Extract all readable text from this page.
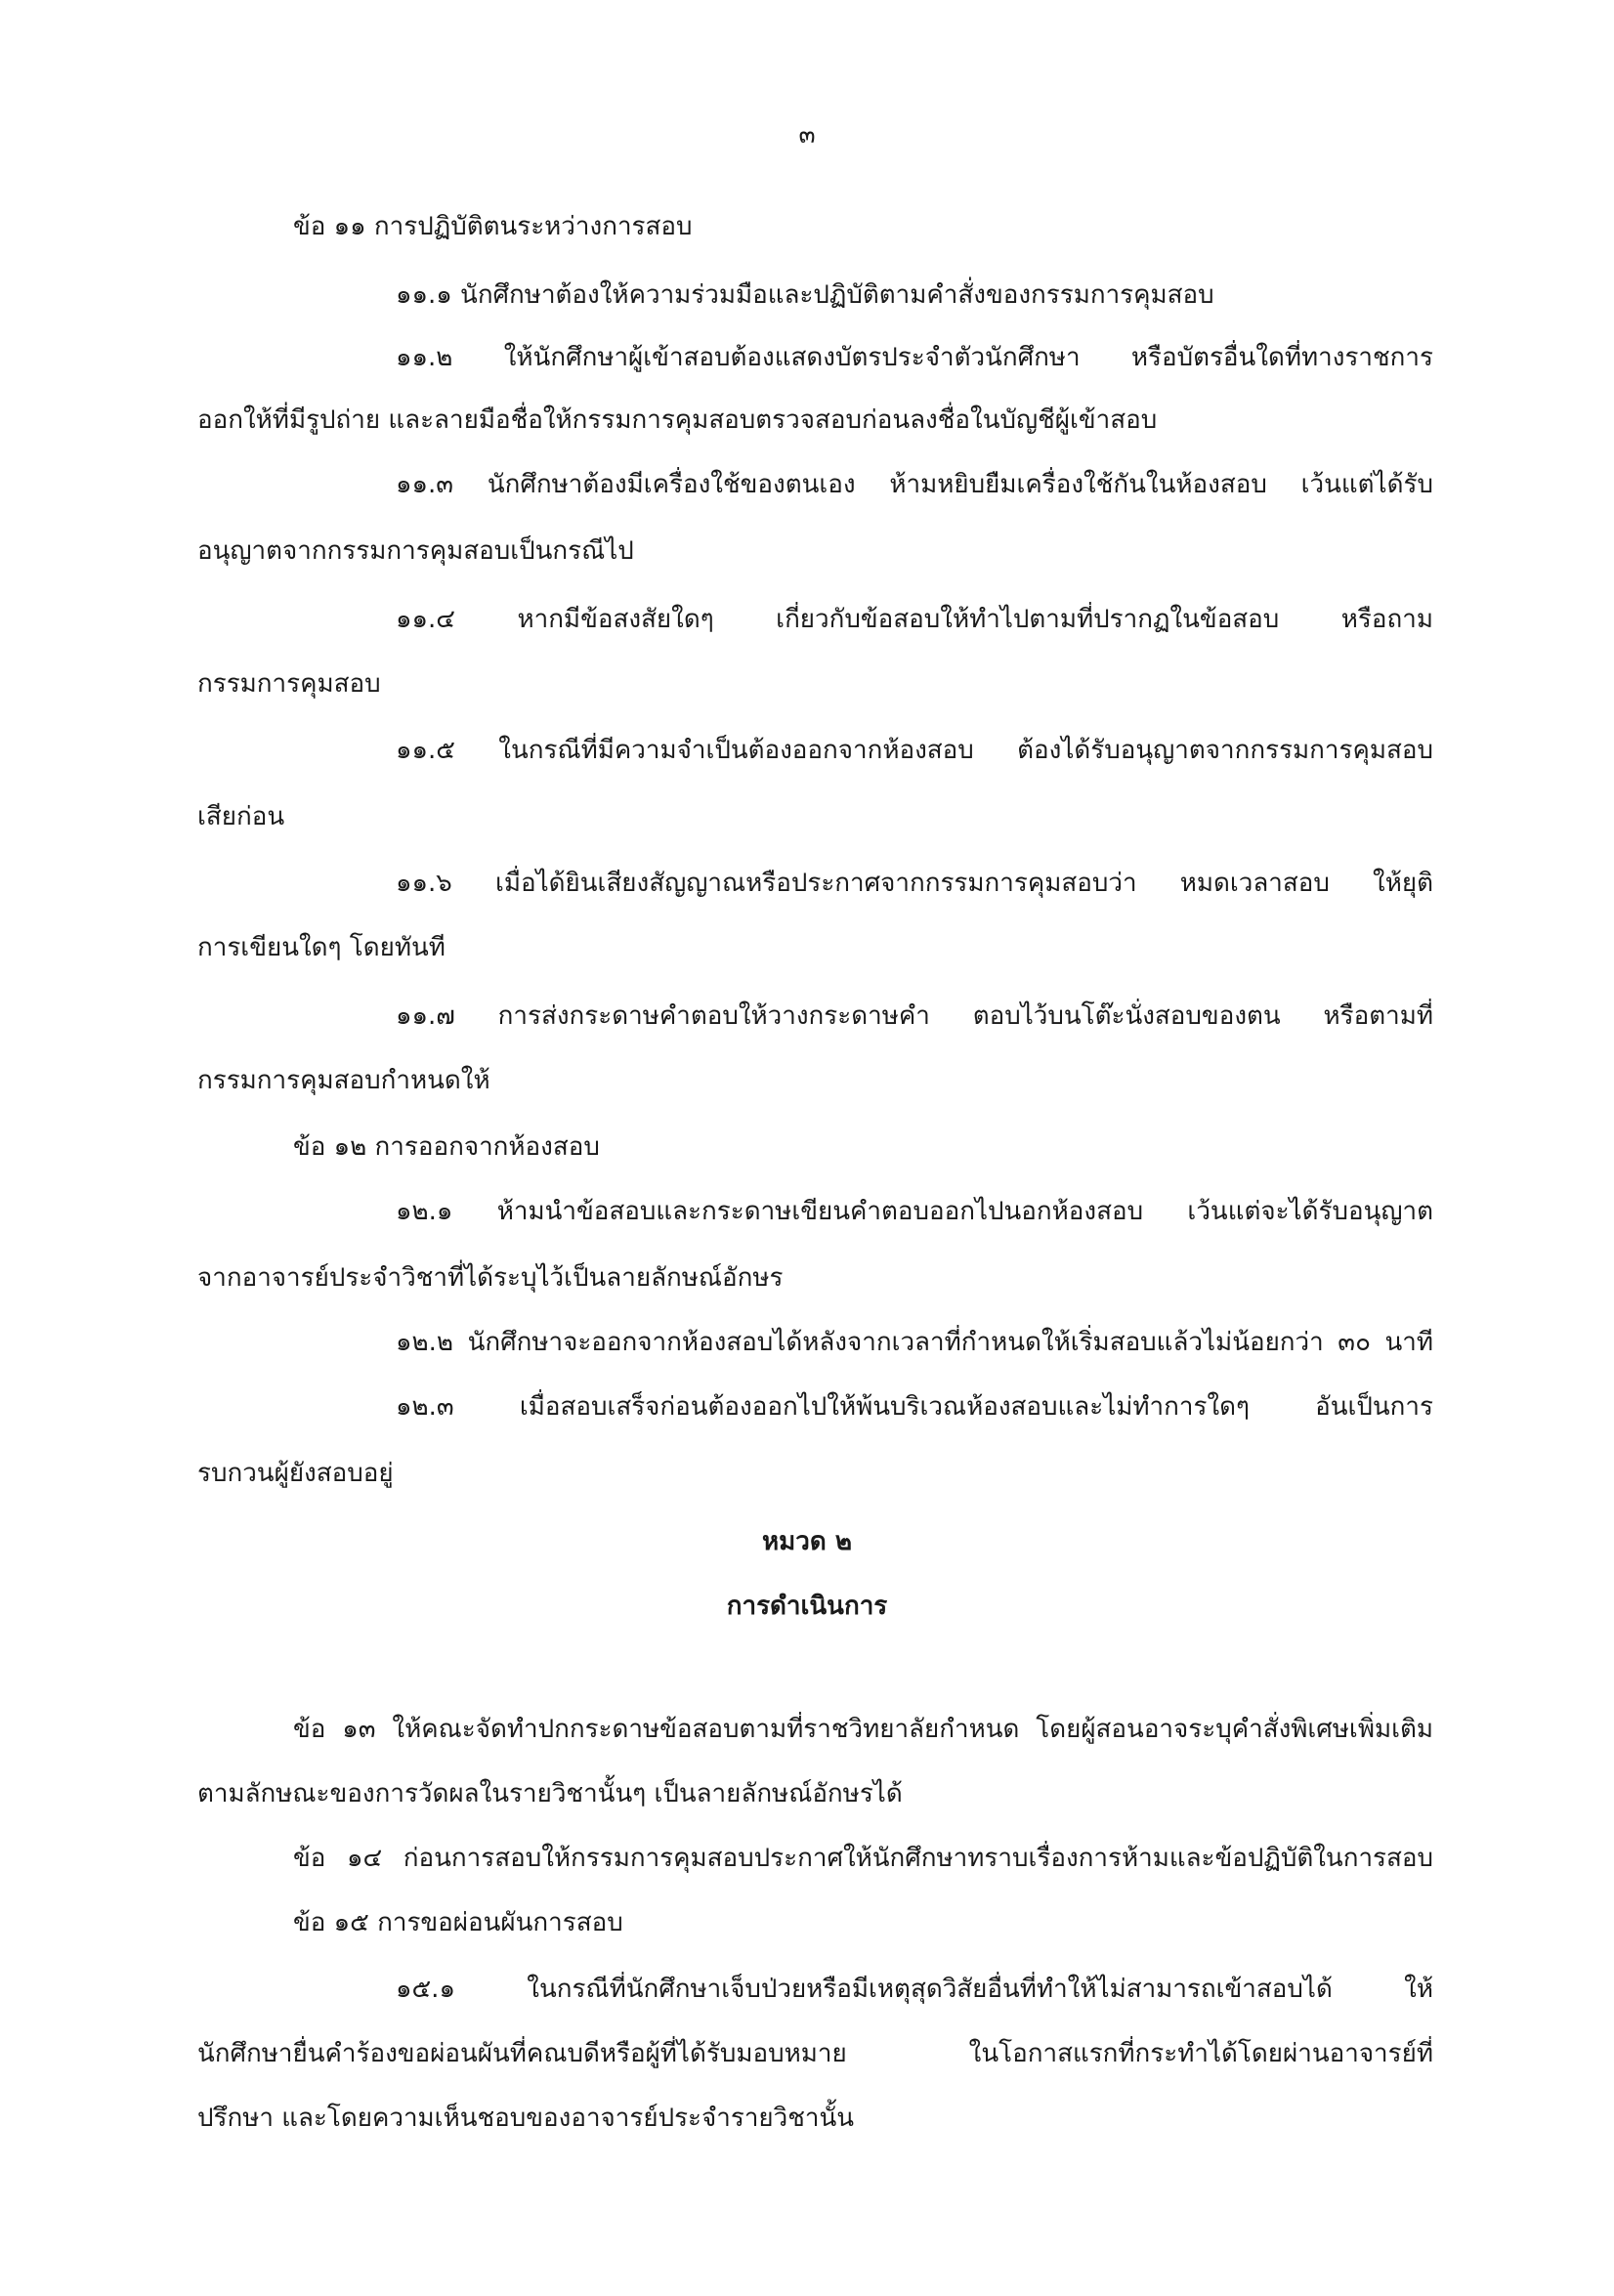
๓
ข้อ ๑๑ การปฏิบัติตนระหว่างการสอบ
๑๑.๑ นักศึกษาต้องให้ความร่วมมือและปฏิบัติตามคำสั่งของกรรมการคุมสอบ
๑๑.๒ ให้นักศึกษาผู้เข้าสอบต้องแสดงบัตรประจำตัวนักศึกษา หรือบัตรอื่นใดที่ทางราชการ
ออกให้ที่มีรูปถ่าย และลายมือชื่อให้กรรมการคุมสอบตรวจสอบก่อนลงชื่อในบัญชีผู้เข้าสอบ
๑๑.๓ นักศึกษาต้องมีเครื่องใช้ของตนเอง ห้ามหยิบยืมเครื่องใช้กันในห้องสอบ เว้นแต่ได้รับ
อนุญาตจากกรรมการคุมสอบเป็นกรณีไป
๑๑.๔ หากมีข้อสงสัยใดๆ เกี่ยวกับข้อสอบให้ทำไปตามที่ปรากฏในข้อสอบ หรือถาม
กรรมการคุมสอบ
๑๑.๕ ในกรณีที่มีความจำเป็นต้องออกจากห้องสอบ ต้องได้รับอนุญาตจากกรรมการคุมสอบ
เสียก่อน
๑๑.๖ เมื่อได้ยินเสียงสัญญาณหรือประกาศจากกรรมการคุมสอบว่า หมดเวลาสอบ ให้ยุติ
การเขียนใดๆ โดยทันที
๑๑.๗ การส่งกระดาษคำตอบให้วางกระดาษคำ ตอบไว้บนโต๊ะนั่งสอบของตน หรือตามที่
กรรมการคุมสอบกำหนดให้
ข้อ ๑๒ การออกจากห้องสอบ
๑๒.๑ ห้ามนำข้อสอบและกระดาษเขียนคำตอบออกไปนอกห้องสอบ เว้นแต่จะได้รับอนุญาต
จากอาจารย์ประจำวิชาที่ได้ระบุไว้เป็นลายลักษณ์อักษร
๑๒.๒ นักศึกษาจะออกจากห้องสอบได้หลังจากเวลาที่กำหนดให้เริ่มสอบแล้วไม่น้อยกว่า ๓๐ นาที
๑๒.๓ เมื่อสอบเสร็จก่อนต้องออกไปให้พ้นบริเวณห้องสอบและไม่ทำการใดๆ อันเป็นการ
รบกวนผู้ยังสอบอยู่
หมวด ๒
การดำเนินการ
ข้อ ๑๓ ให้คณะจัดทำปกกระดาษข้อสอบตามที่ราชวิทยาลัยกำหนด โดยผู้สอนอาจระบุคำสั่งพิเศษเพิ่มเติม
ตามลักษณะของการวัดผลในรายวิชานั้นๆ เป็นลายลักษณ์อักษรได้
ข้อ ๑๔ ก่อนการสอบให้กรรมการคุมสอบประกาศให้นักศึกษาทราบเรื่องการห้ามและข้อปฏิบัติในการสอบ
ข้อ ๑๕ การขอผ่อนผันการสอบ
๑๕.๑ ในกรณีที่นักศึกษาเจ็บป่วยหรือมีเหตุสุดวิสัยอื่นที่ทำให้ไม่สามารถเข้าสอบได้ ให้
นักศึกษายื่นคำร้องขอผ่อนผันที่คณบดีหรือผู้ที่ได้รับมอบหมาย ในโอกาสแรกที่กระทำได้โดยผ่านอาจารย์ที่
ปรึกษา และโดยความเห็นชอบของอาจารย์ประจำรายวิชานั้น
